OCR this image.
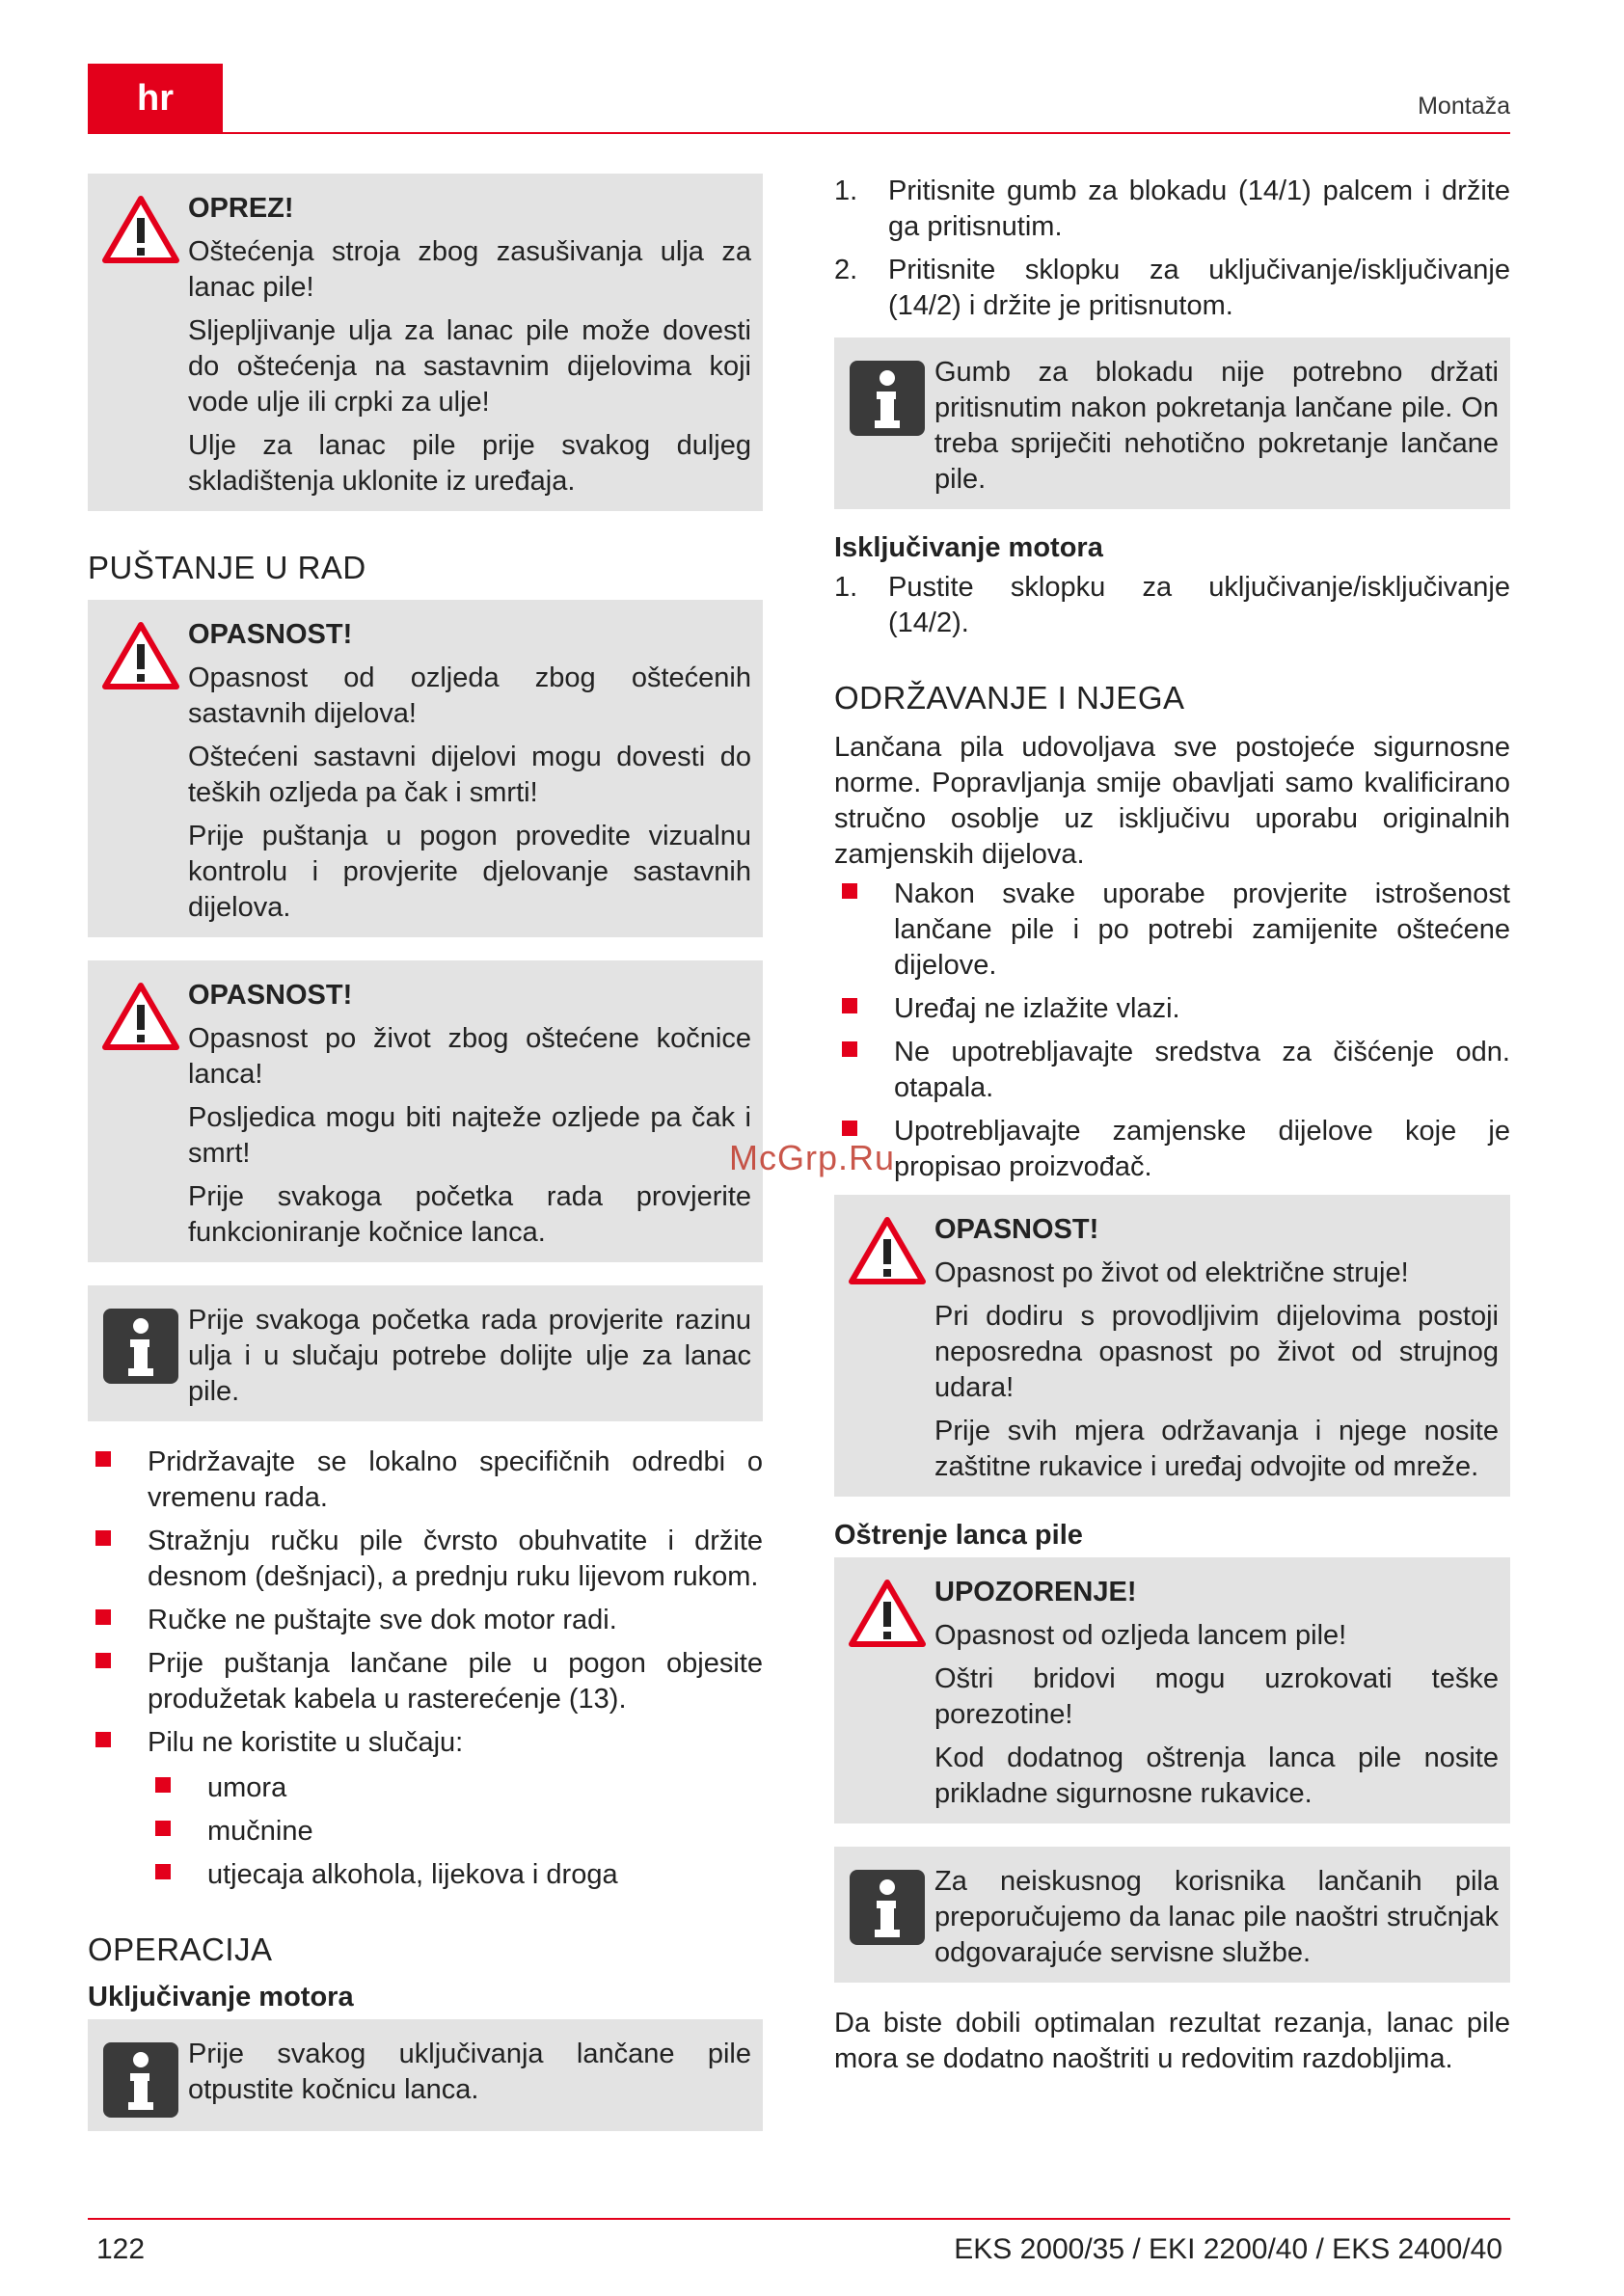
hr	Montaža

OPREZ!

Oštećenja stroja zbog zasušivanja ulja za lanac pile!

Sljepljivanje ulja za lanac pile može dovesti do oštećenja na sastavnim dijelovima koji vode ulje ili crpki za ulje!

Ulje za lanac pile prije svakog duljeg skladištenja uklonite iz uređaja.

PUŠTANJE U RAD

OPASNOST!

Opasnost od ozljeda zbog oštećenih sastavnih dijelova!

Oštećeni sastavni dijelovi mogu dovesti do teških ozljeda pa čak i smrti!

Prije puštanja u pogon provedite vizualnu kontrolu i provjerite djelovanje sastavnih dijelova.

OPASNOST!

Opasnost po život zbog oštećene kočnice lanca!

Posljedica mogu biti najteže ozljede pa čak i smrt!

Prije svakoga početka rada provjerite funkcioniranje kočnice lanca.

Prije svakoga početka rada provjerite razinu ulja i u slučaju potrebe dolijte ulje za lanac pile.

Pridržavajte se lokalno specifičnih odredbi o vremenu rada.
Stražnju ručku pile čvrsto obuhvatite i držite desnom (dešnjaci), a prednju ruku lijevom rukom.
Ručke ne puštajte sve dok motor radi.
Prije puštanja lančane pile u pogon objesite produžetak kabela u rasterećenje (13).
Pilu ne koristite u slučaju:
umora
mučnine
utjecaja alkohola, lijekova i droga
OPERACIJA
Uključivanje motora

Prije svakog uključivanja lančane pile otpustite kočnicu lanca.

1. Pritisnite gumb za blokadu (14/1) palcem i držite ga pritisnutim.
2. Pritisnite sklopku za uključivanje/isključivanje (14/2) i držite je pritisnutom.

Gumb za blokadu nije potrebno držati pritisnutim nakon pokretanja lančane pile. On treba spriječiti nehotično pokretanje lančane pile.

Isključivanje motora
1. Pustite sklopku za uključivanje/isključivanje (14/2).
ODRŽAVANJE I NJEGA

Lančana pila udovoljava sve postojeće sigurnosne norme. Popravljanja smije obavljati samo kvalificirano stručno osoblje uz isključivu uporabu originalnih zamjenskih dijelova.

Nakon svake uporabe provjerite istrošenost lančane pile i po potrebi zamijenite oštećene dijelove.
Uređaj ne izlažite vlazi.
Ne upotrebljavajte sredstva za čišćenje odn. otapala.
Upotrebljavajte zamjenske dijelove koje je propisao proizvođač.

OPASNOST!

Opasnost po život od električne struje!

Pri dodiru s provodljivim dijelovima postoji neposredna opasnost po život od strujnog udara!

Prije svih mjera održavanja i njege nosite zaštitne rukavice i uređaj odvojite od mreže.

Oštrenje lanca pile

UPOZORENJE!

Opasnost od ozljeda lancem pile!

Oštri bridovi mogu uzrokovati teške porezotine!

Kod dodatnog oštrenja lanca pile nosite prikladne sigurnosne rukavice.

Za neiskusnog korisnika lančanih pila preporučujemo da lanac pile naoštri stručnjak odgovarajuće servisne službe.

Da biste dobili optimalan rezultat rezanja, lanac pile mora se dodatno naoštriti u redovitim razdobljima.

McGrp.Ru
122	EKS 2000/35 / EKI 2200/40 / EKS 2400/40
